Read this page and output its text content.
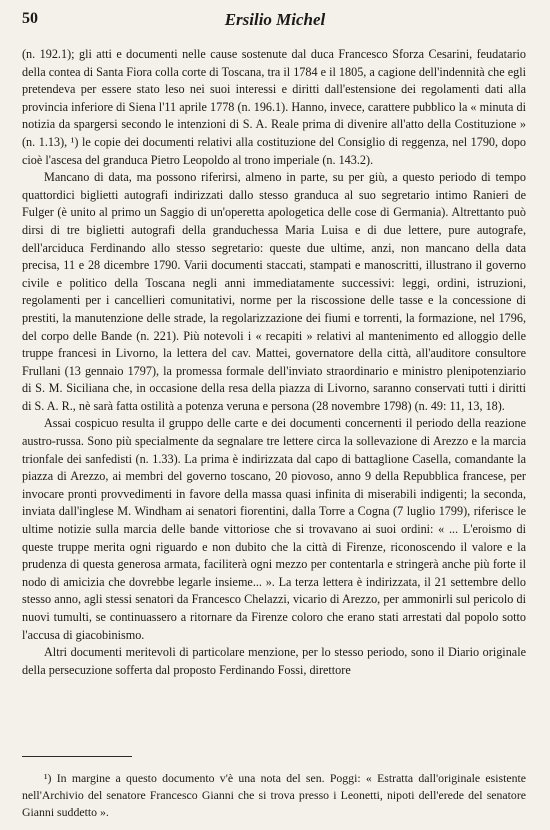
50	Ersilio Michel

(n. 192.1); gli atti e documenti nelle cause sostenute dal duca Francesco Sforza Cesarini, feudatario della contea di Santa Fiora colla corte di Toscana, tra il 1784 e il 1805, a cagione dell'indennità che egli pretendeva per essere stato leso nei suoi interessi e diritti dall'estensione dei regolamenti dati alla provincia inferiore di Siena l'11 aprile 1778 (n. 196.1). Hanno, invece, carattere pubblico la « minuta di notizia da spargersi secondo le intenzioni di S. A. Reale prima di divenire all'atto della Costituzione » (n. 1.13), ¹) le copie dei documenti relativi alla costituzione del Consiglio di reggenza, nel 1790, dopo cioè l'ascesa del granduca Pietro Leopoldo al trono imperiale (n. 143.2).

Mancano di data, ma possono riferirsi, almeno in parte, su per giù, a questo periodo di tempo quattordici biglietti autografi indirizzati dallo stesso granduca al suo segretario intimo Ranieri de Fulger (è unito al primo un Saggio di un'operetta apologetica delle cose di Germania). Altrettanto può dirsi di tre biglietti autografi della granduchessa Maria Luisa e di due lettere, pure autografe, dell'arciduca Ferdinando allo stesso segretario: queste due ultime, anzi, non mancano della data precisa, 11 e 28 dicembre 1790. Varii documenti staccati, stampati e manoscritti, illustrano il governo civile e politico della Toscana negli anni immediatamente successivi: leggi, ordini, istruzioni, regolamenti per i cancellieri comunitativi, norme per la riscossione delle tasse e la concessione di prestiti, la manutenzione delle strade, la regolarizzazione dei fiumi e torrenti, la formazione, nel 1796, del corpo delle Bande (n. 221). Più notevoli i « recapiti » relativi al mantenimento ed alloggio delle truppe francesi in Livorno, la lettera del cav. Mattei, governatore della città, all'auditore consultore Frullani (13 gennaio 1797), la promessa formale dell'inviato straordinario e ministro plenipotenziario di S. M. Siciliana che, in occasione della resa della piazza di Livorno, saranno conservati tutti i diritti di S. A. R., nè sarà fatta ostilità a potenza veruna e persona (28 novembre 1798) (n. 49: 11, 13, 18).

Assai cospicuo resulta il gruppo delle carte e dei documenti concernenti il periodo della reazione austro-russa. Sono più specialmente da segnalare tre lettere circa la sollevazione di Arezzo e la marcia trionfale dei sanfedisti (n. 1.33). La prima è indirizzata dal capo di battaglione Casella, comandante la piazza di Arezzo, ai membri del governo toscano, 20 piovoso, anno 9 della Repubblica francese, per invocare pronti provvedimenti in favore della massa quasi infinita di miserabili indigenti; la seconda, inviata dall'inglese M. Windham ai senatori fiorentini, dalla Torre a Cogna (7 luglio 1799), riferisce le ultime notizie sulla marcia delle bande vittoriose che si trovavano ai suoi ordini: « ... L'eroismo di queste truppe merita ogni riguardo e non dubito che la città di Firenze, riconoscendo il valore e la prudenza di questa generosa armata, faciliterà ogni mezzo per contentarla e stringerà anche più forte il nodo di amicizia che dovrebbe legarle insieme... ». La terza lettera è indirizzata, il 21 settembre dello stesso anno, agli stessi senatori da Francesco Chelazzi, vicario di Arezzo, per ammonirli sul pericolo di nuovi tumulti, se continuassero a ritornare da Firenze coloro che erano stati arrestati dal popolo sotto l'accusa di giacobinismo.

Altri documenti meritevoli di particolare menzione, per lo stesso periodo, sono il Diario originale della persecuzione sofferta dal proposto Ferdinando Fossi, direttore

¹) In margine a questo documento v'è una nota del sen. Poggi: « Estratta dall'originale esistente nell'Archivio del senatore Francesco Gianni che si trova presso i Leonetti, nipoti dell'erede del senatore Gianni suddetto ».
